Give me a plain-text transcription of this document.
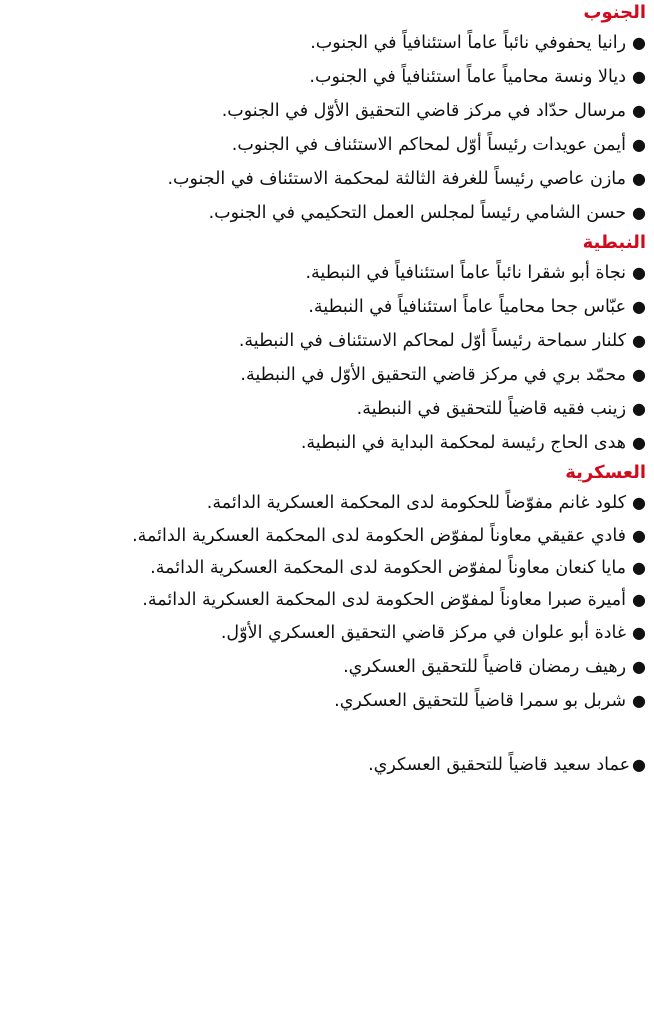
الجنوب
●رانيا يحفوفي نائباً عاماً استئنافياً في الجنوب.
●ديالا ونسة محامياً عاماً استئنافياً في الجنوب.
●مرسال حدّاد في مركز قاضي التحقيق الأوّل في الجنوب.
●أيمن عويدات رئيساً أوّل لمحاكم الاستئناف في الجنوب.
●مازن عاصي رئيساً للغرفة الثالثة لمحكمة الاستئناف في الجنوب.
●حسن الشامي رئيساً لمجلس العمل التحكيمي في الجنوب.
النبطية
●نجاة أبو شقرا نائباً عاماً استئنافياً في النبطية.
●عبّاس جحا محامياً عاماً استئنافياً في النبطية.
●كلنار سماحة رئيساً أوّل لمحاكم الاستئناف في النبطية.
●محمّد بري في مركز قاضي التحقيق الأوّل في النبطية.
●زينب فقيه قاضياً للتحقيق في النبطية.
●هدى الحاج رئيسة لمحكمة البداية في النبطية.
العسكرية
●كلود غانم مفوّضاً للحكومة لدى المحكمة العسكرية الدائمة.
●فادي عقيقي معاوناً لمفوّض الحكومة لدى المحكمة العسكرية الدائمة.
●مايا كنعان معاوناً لمفوّض الحكومة لدى المحكمة العسكرية الدائمة.
●أميرة صبرا معاوناً لمفوّض الحكومة لدى المحكمة العسكرية الدائمة.
●غادة أبو علوان في مركز قاضي التحقيق العسكري الأوّل.
●رهيف رمضان قاضياً للتحقيق العسكري.
●شربل بو سمرا قاضياً للتحقيق العسكري.
●عماد سعيد قاضياً للتحقيق العسكري.
